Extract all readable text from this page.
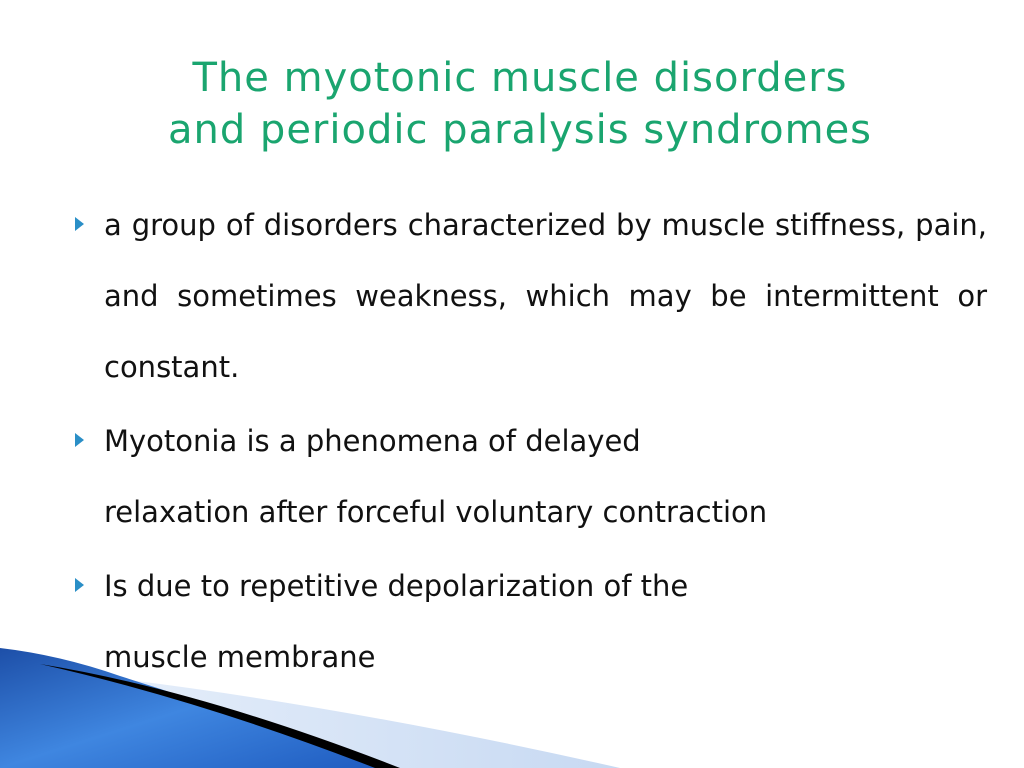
The myotonic muscle disorders
and periodic paralysis syndromes
a group of disorders characterized by muscle stiffness, pain, and sometimes weakness, which may be intermittent or constant.
Myotonia is a phenomena of delayed
relaxation after forceful voluntary contraction
Is due to repetitive depolarization of the
muscle membrane
